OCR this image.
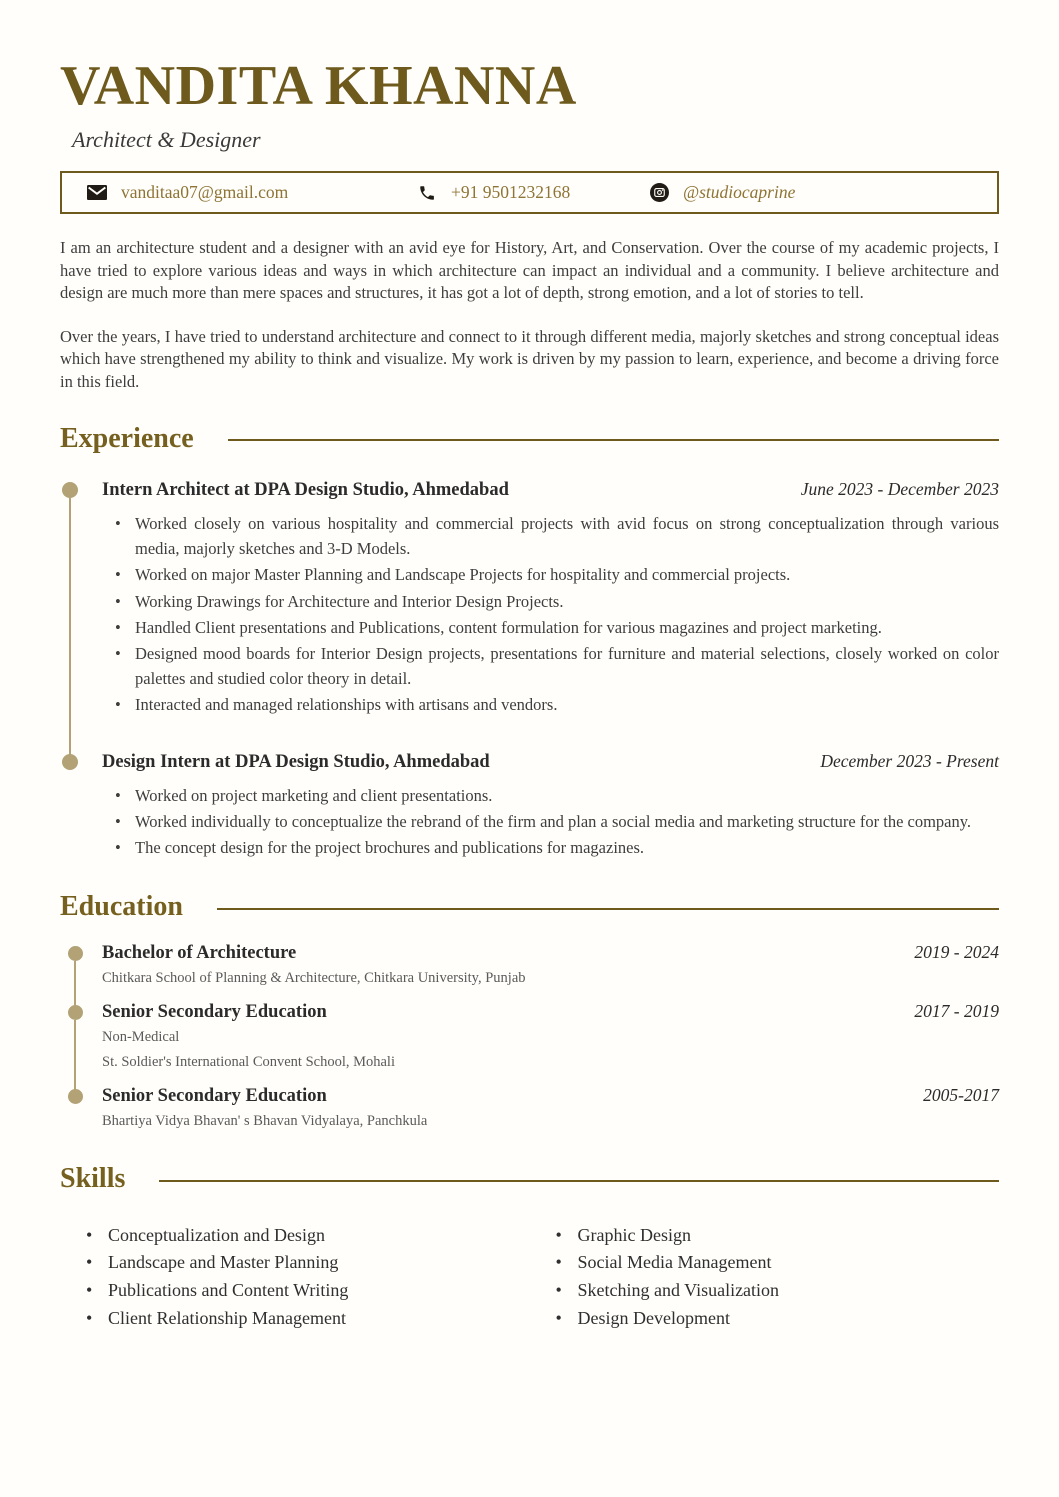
VANDITA KHANNA
Architect & Designer
vanditaa07@gmail.com	+91 9501232168	@studiocaprine

I am an architecture student and a designer with an avid eye for History, Art, and Conservation. Over the course of my academic projects, I have tried to explore various ideas and ways in which architecture can impact an individual and a community. I believe architecture and design are much more than mere spaces and structures, it has got a lot of depth, strong emotion, and a lot of stories to tell.

Over the years, I have tried to understand architecture and connect to it through different media, majorly sketches and strong conceptual ideas which have strengthened my ability to think and visualize. My work is driven by my passion to learn, experience, and become a driving force in this field.

Experience
Intern Architect at DPA Design Studio, Ahmedabad	June 2023 - December 2023
• Worked closely on various hospitality and commercial projects with avid focus on strong conceptualization through various media, majorly sketches and 3-D Models.
• Worked on major Master Planning and Landscape Projects for hospitality and commercial projects.
• Working Drawings for Architecture and Interior Design Projects.
• Handled Client presentations and Publications, content formulation for various magazines and project marketing.
• Designed mood boards for Interior Design projects, presentations for furniture and material selections, closely worked on color palettes and studied color theory in detail.
• Interacted and managed relationships with artisans and vendors.
Design Intern at DPA Design Studio, Ahmedabad	December 2023 - Present
• Worked on project marketing and client presentations.
• Worked individually to conceptualize the rebrand of the firm and plan a social media and marketing structure for the company.
• The concept design for the project brochures and publications for magazines.
Education
Bachelor of Architecture	2019 - 2024

Chitkara School of Planning & Architecture, Chitkara University, Punjab

Senior Secondary Education	2017 - 2019

Non-Medical

St. Soldier's International Convent School, Mohali

Senior Secondary Education	2005-2017

Bhartiya Vidya Bhavan' s Bhavan Vidyalaya, Panchkula

Skills
• Conceptualization and Design
• Landscape and Master Planning
• Publications and Content Writing
• Client Relationship Management
• Graphic Design
• Social Media Management
• Sketching and Visualization
• Design Development
